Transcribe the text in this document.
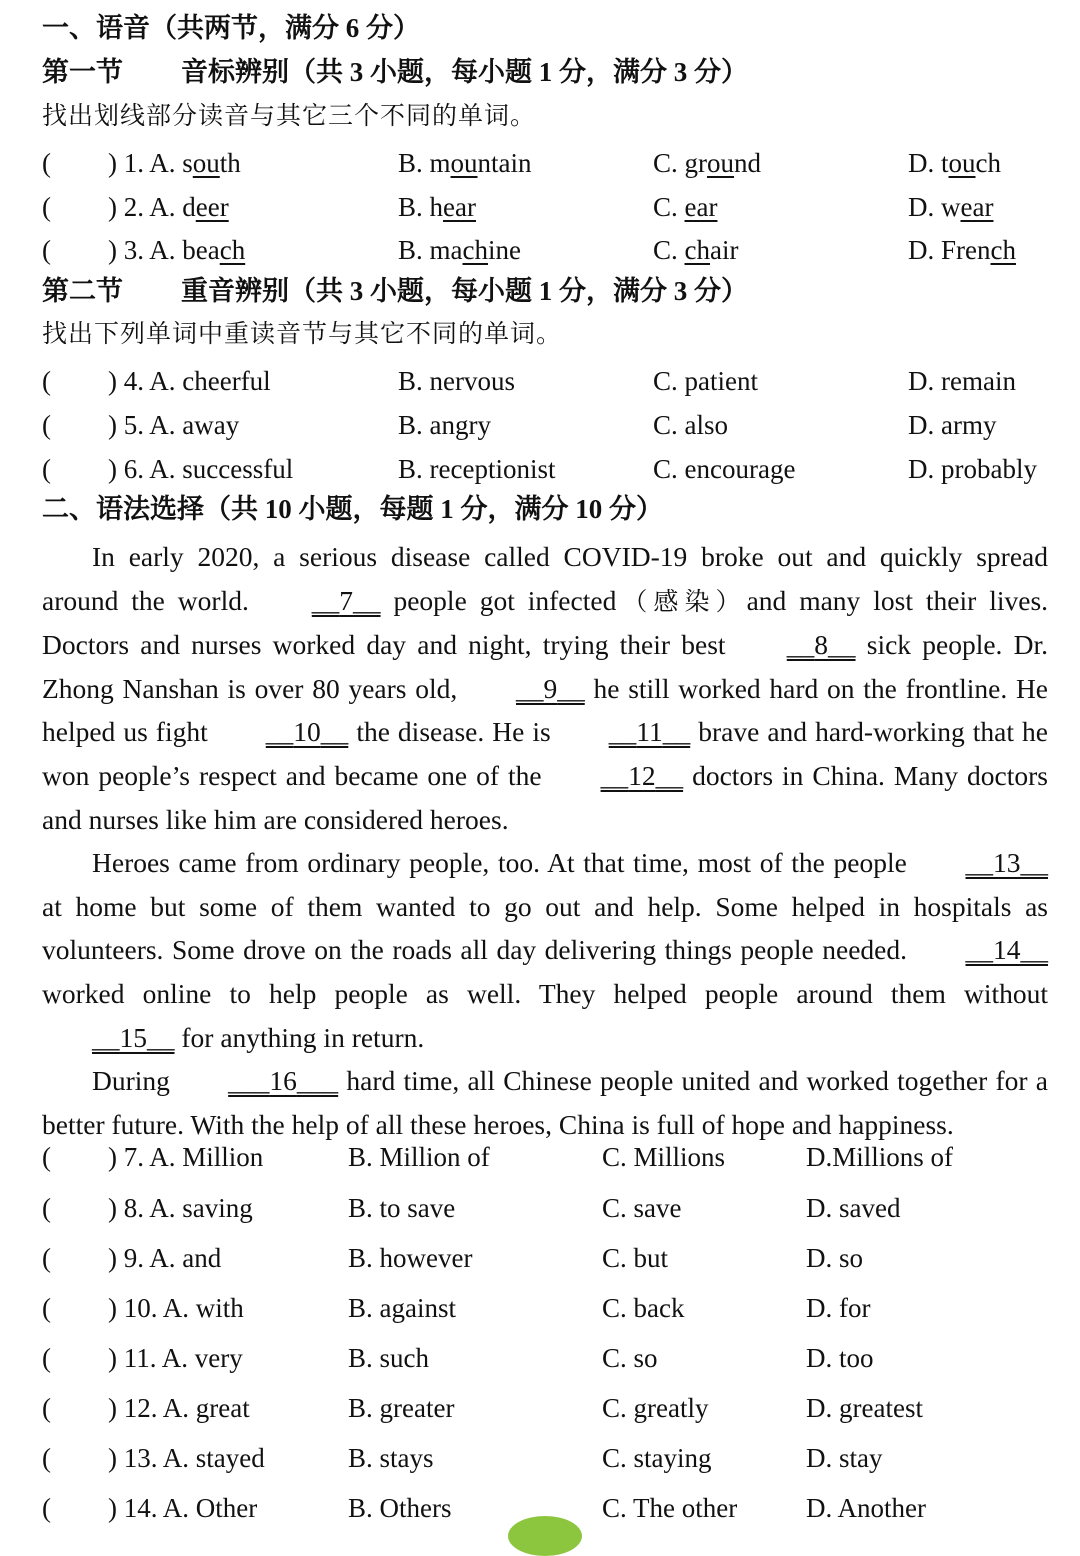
一、语音（共两节，满分 6 分）
第一节 音标辨别（共 3 小题，每小题 1 分，满分 3 分）
找出划线部分读音与其它三个不同的单词。
( ) 1. A. south	B. mountain	C. ground	D. touch
( ) 2. A. deer	B. hear	C. ear	D. wear
( ) 3. A. beach	B. machine	C. chair	D. French
第二节 重音辨别（共 3 小题，每小题 1 分，满分 3 分）
找出下列单词中重读音节与其它不同的单词。
( ) 4. A. cheerful	B. nervous	C. patient	D. remain
( ) 5. A. away	B. angry	C. also	D. army
( ) 6. A. successful	B. receptionist	C. encourage	D. probably
二、语法选择（共 10 小题，每题 1 分，满分 10 分）

In early 2020, a serious disease called COVID-19 broke out and quickly spread around the world. __7__ people got infected（感染）and many lost their lives. Doctors and nurses worked day and night, trying their best __8__ sick people. Dr. Zhong Nanshan is over 80 years old, __9__ he still worked hard on the frontline. He helped us fight __10__ the disease. He is __11__ brave and hard-working that he won people’s respect and became one of the __12__ doctors in China. Many doctors and nurses like him are considered heroes.

Heroes came from ordinary people, too. At that time, most of the people __13__ at home but some of them wanted to go out and help. Some helped in hospitals as volunteers. Some drove on the roads all day delivering things people needed. __14__ worked online to help people as well. They helped people around them without __15__ for anything in return.

During ___16___ hard time, all Chinese people united and worked together for a better future. With the help of all these heroes, China is full of hope and happiness.

( ) 7. A. Million	B. Million of	C. Millions	D.Millions of
( ) 8. A. saving	B. to save	C. save	D. saved
( ) 9. A. and	B. however	C. but	D. so
( ) 10. A. with	B. against	C. back	D. for
( ) 11. A. very	B. such	C. so	D. too
( ) 12. A. great	B. greater	C. greatly	D. greatest
( ) 13. A. stayed	B. stays	C. staying	D. stay
( ) 14. A. Other	B. Others	C. The other	D. Another
